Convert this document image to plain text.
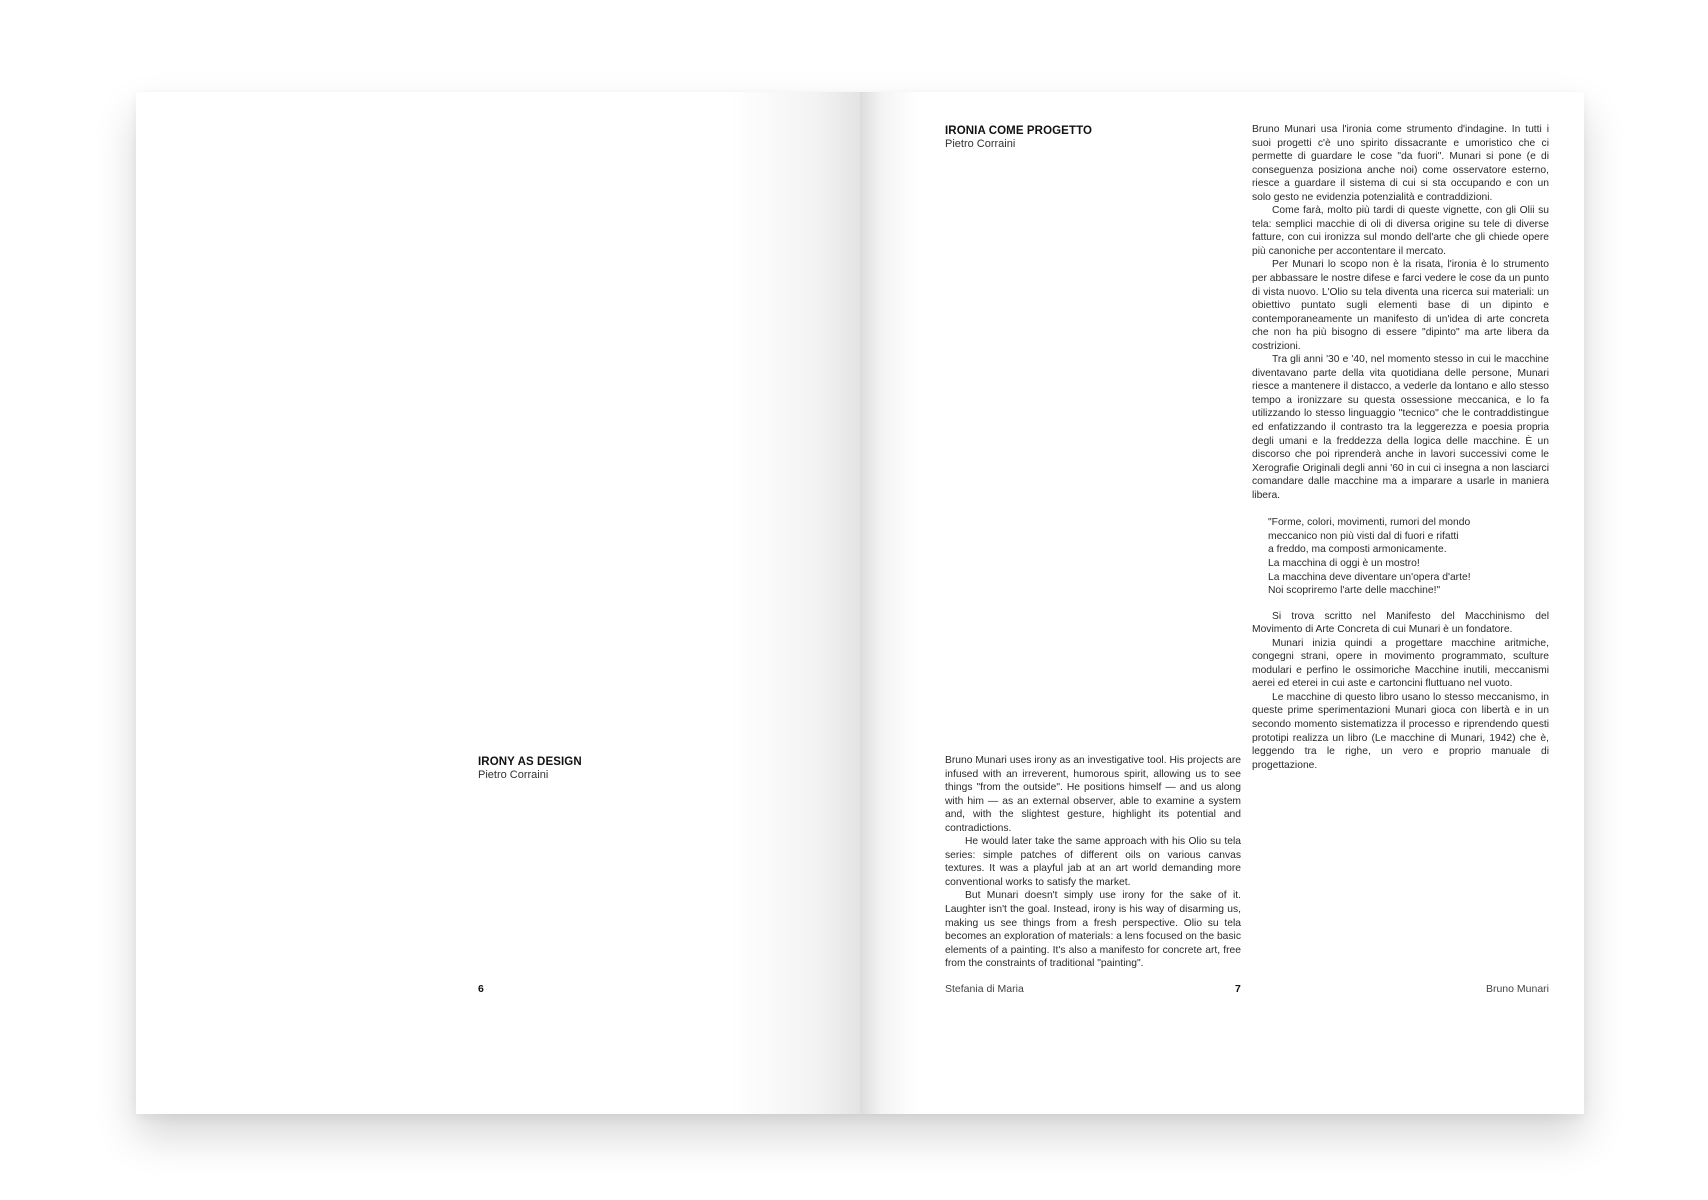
IRONY AS DESIGN

Pietro Corraini

6

IRONIA COME PROGETTO

Pietro Corraini

Bruno Munari usa l'ironia come strumento d'indagine. In tutti i suoi progetti c'è uno spirito dissacrante e umoristico che ci permette di guardare le cose "da fuori". Munari si pone (e di conseguenza posiziona anche noi) come osservatore esterno, riesce a guardare il sistema di cui si sta occupando e con un solo gesto ne evidenzia potenzialità e contraddizioni.

Come farà, molto più tardi di queste vignette, con gli Olii su tela: semplici macchie di oli di diversa origine su tele di diverse fatture, con cui ironizza sul mondo dell'arte che gli chiede opere più canoniche per accontentare il mercato.

Per Munari lo scopo non è la risata, l'ironia è lo strumento per abbassare le nostre difese e farci vedere le cose da un punto di vista nuovo. L'Olio su tela diventa una ricerca sui materiali: un obiettivo puntato sugli elementi base di un dipinto e contemporaneamente un manifesto di un'idea di arte concreta che non ha più bisogno di essere "dipinto" ma arte libera da costrizioni.

Tra gli anni '30 e '40, nel momento stesso in cui le macchine diventavano parte della vita quotidiana delle persone, Munari riesce a mantenere il distacco, a vederle da lontano e allo stesso tempo a ironizzare su questa ossessione meccanica, e lo fa utilizzando lo stesso linguaggio "tecnico" che le contraddistingue ed enfatizzando il contrasto tra la leggerezza e poesia propria degli umani e la freddezza della logica delle macchine. È un discorso che poi riprenderà anche in lavori successivi come le Xerografie Originali degli anni '60 in cui ci insegna a non lasciarci comandare dalle macchine ma a imparare a usarle in maniera libera.

"Forme, colori, movimenti, rumori del mondo
meccanico non più visti dal di fuori e rifatti
a freddo, ma composti armonicamente.
La macchina di oggi è un mostro!
La macchina deve diventare un'opera d'arte!
Noi scopriremo l'arte delle macchine!"

Si trova scritto nel Manifesto del Macchinismo del Movimento di Arte Concreta di cui Munari è un fondatore.

Munari inizia quindi a progettare macchine aritmiche, congegni strani, opere in movimento programmato, sculture modulari e perfino le ossimoriche Macchine inutili, meccanismi aerei ed eterei in cui aste e cartoncini fluttuano nel vuoto.

Le macchine di questo libro usano lo stesso meccanismo, in queste prime sperimentazioni Munari gioca con libertà e in un secondo momento sistematizza il processo e riprendendo questi prototipi realizza un libro (Le macchine di Munari, 1942) che è, leggendo tra le righe, un vero e proprio manuale di progettazione.

Bruno Munari uses irony as an investigative tool. His projects are infused with an irreverent, humorous spirit, allowing us to see things "from the outside". He positions himself — and us along with him — as an external observer, able to examine a system and, with the slightest gesture, highlight its potential and contradictions.

He would later take the same approach with his Olio su tela series: simple patches of different oils on various canvas textures. It was a playful jab at an art world demanding more conventional works to satisfy the market.

But Munari doesn't simply use irony for the sake of it. Laughter isn't the goal. Instead, irony is his way of disarming us, making us see things from a fresh perspective. Olio su tela becomes an exploration of materials: a lens focused on the basic elements of a painting. It's also a manifesto for concrete art, free from the constraints of traditional "painting".

Stefania di Maria	7	Bruno Munari
